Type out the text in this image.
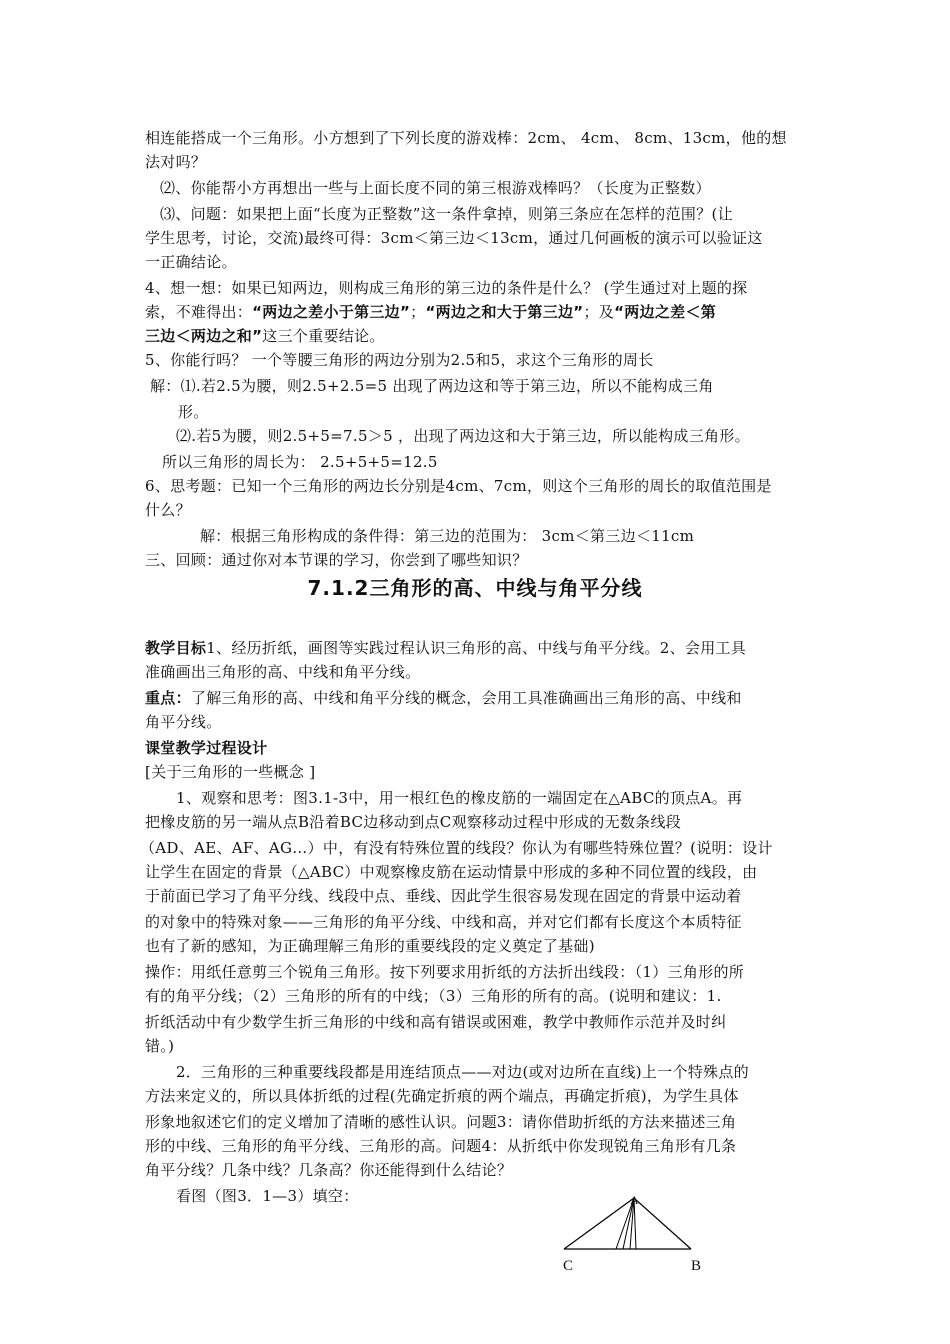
相连能搭成一个三角形。小方想到了下列长度的游戏棒：2cm、 4cm、 8cm、13cm，他的想
法对吗？
⑵、你能帮小方再想出一些与上面长度不同的第三根游戏棒吗？（长度为正整数）
⑶、问题：如果把上面“长度为正整数”这一条件拿掉，则第三条应在怎样的范围？(让
学生思考，讨论，交流)最终可得：3cm＜第三边＜13cm，通过几何画板的演示可以验证这
一正确结论。
4、想一想：如果已知两边，则构成三角形的第三边的条件是什么？ (学生通过对上题的探
索，不难得出：“两边之差小于第三边”；“两边之和大于第三边”；及“两边之差＜第
三边＜两边之和”这三个重要结论。
5、你能行吗？ 一个等腰三角形的两边分别为2.5和5，求这个三角形的周长
解：⑴.若2.5为腰，则2.5+2.5=5 出现了两边这和等于第三边，所以不能构成三角
形。
⑵.若5为腰，则2.5+5=7.5＞5 ，出现了两边这和大于第三边，所以能构成三角形。
所以三角形的周长为： 2.5+5+5=12.5
6、思考题：已知一个三角形的两边长分别是4cm、7cm，则这个三角形的周长的取值范围是
什么？
解：根据三角形构成的条件得：第三边的范围为： 3cm＜第三边＜11cm
三、回顾：通过你对本节课的学习，你尝到了哪些知识？
7.1.2三角形的高、中线与角平分线
教学目标1、经历折纸，画图等实践过程认识三角形的高、中线与角平分线。2、会用工具
准确画出三角形的高、中线和角平分线。
重点：了解三角形的高、中线和角平分线的概念，会用工具准确画出三角形的高、中线和
角平分线。
课堂教学过程设计
[关于三角形的一些概念 ]
1、观察和思考：图3.1-3中，用一根红色的橡皮筋的一端固定在△ABC的顶点A。再
把橡皮筋的另一端从点B沿着BC边移动到点C观察移动过程中形成的无数条线段
（AD、AE、AF、AG…）中，有没有特殊位置的线段？你认为有哪些特殊位置？(说明：设计
让学生在固定的背景（△ABC）中观察橡皮筋在运动情景中形成的多种不同位置的线段，由
于前面已学习了角平分线、线段中点、垂线、因此学生很容易发现在固定的背景中运动着
的对象中的特殊对象——三角形的角平分线、中线和高，并对它们都有长度这个本质特征
也有了新的感知，为正确理解三角形的重要线段的定义奠定了基础)
操作：用纸任意剪三个锐角三角形。按下列要求用折纸的方法折出线段：（1）三角形的所
有的角平分线；（2）三角形的所有的中线；（3）三角形的所有的高。(说明和建议：1.
折纸活动中有少数学生折三角形的中线和高有错误或困难，教学中教师作示范并及时纠
错。)
2．三角形的三种重要线段都是用连结顶点——对边(或对边所在直线)上一个特殊点的
方法来定义的，所以具体折纸的过程(先确定折痕的两个端点，再确定折痕)，为学生具体
形象地叙述它们的定义增加了清晰的感性认识。问题3：请你借助折纸的方法来描述三角
形的中线、三角形的角平分线、三角形的高。问题4：从折纸中你发现锐角三角形有几条
角平分线？几条中线？几条高？你还能得到什么结论？
看图（图3．1—3）填空：	A
C	B
